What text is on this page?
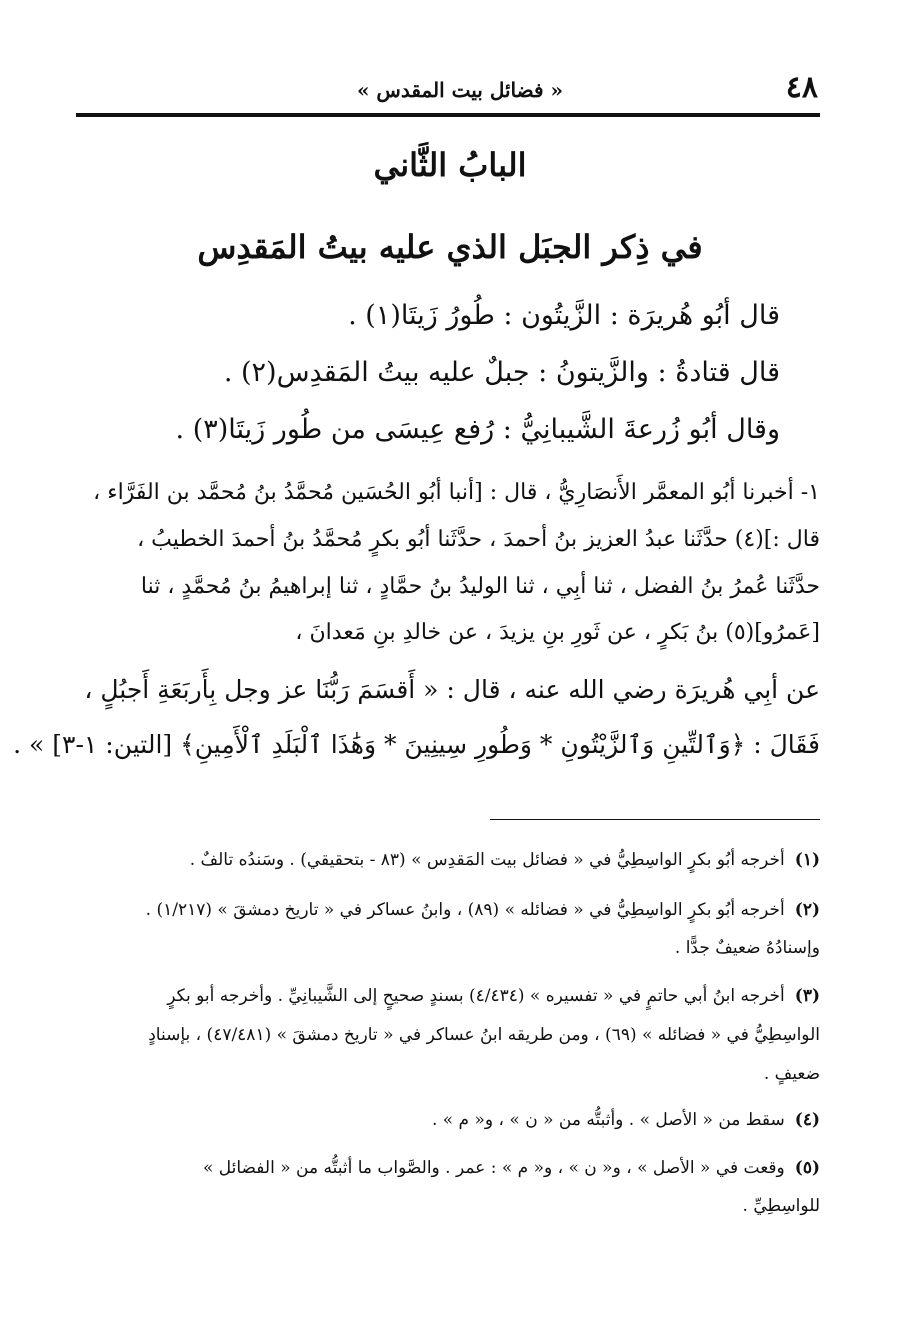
٤٨
« فضائل بيت المقدس »
البابُ الثَّاني
في ذِكر الجبَل الذي عليه بيتُ المَقدِس
قال أبُو هُريرَة : الزَّيتُون : طُورُ زَيتَا(١) .
قال قتادةُ : والزَّيتونُ : جبلٌ عليه بيتُ المَقدِس(٢) .
وقال أبُو زُرعةَ الشَّيبانِيُّ : رُفع عِيسَى من طُور زَيتَا(٣) .
١- أخبرنا أبُو المعمَّر الأَنصَارِيُّ ، قال : [أنبا أبُو الحُسَين مُحمَّدُ بنُ مُحمَّد بن الفَرَّاء ،
قال :](٤) حدَّثَنا عبدُ العزيز بنُ أحمدَ ، حدَّثَنا أبُو بكرٍ مُحمَّدُ بنُ أحمدَ الخطيبُ ،
حدَّثَنا عُمرُ بنُ الفضل ، ثنا أبِي ، ثنا الوليدُ بنُ حمَّادٍ ، ثنا إبراهيمُ بنُ مُحمَّدٍ ، ثنا
[عَمرُو](٥) بنُ بَكرٍ ، عن ثَورِ بنِ يزيدَ ، عن خالدِ بنِ مَعدانَ ،
عن أبِي هُريرَة رضي الله عنه ، قال : « أَقسَمَ رَبُّنَا عز وجل بِأَربَعَةِ أَجبُلٍ ،
فَقَالَ : ﴿وَٱلتِّينِ وَٱلزَّيْتُونِ * وَطُورِ سِينِينَ * وَهَٰذَا ٱلْبَلَدِ ٱلْأَمِينِ﴾ [التين: ١-٣] » .
(١)أخرجه أبُو بكرٍ الواسِطِيُّ في « فضائل بيت المَقدِس » (٨٣ - بتحقيقي) . وسَندُه تالفٌ .
(٢)أخرجه أبُو بكرٍ الواسِطِيُّ في « فضائله » (٨٩) ، وابنُ عساكر في « تاريخ دمشقَ » (١/٢١٧) .
وإسنادُهُ ضعيفٌ جدًّا .
(٣)أخرجه ابنُ أبي حاتمٍ في « تفسيره » (٤/٤٣٤) بسندٍ صحيحٍ إلى الشَّيبانِيِّ . وأخرجه أبو بكرٍ
الواسِطِيُّ في « فضائله » (٦٩) ، ومن طريقه ابنُ عساكر في « تاريخ دمشقَ » (٤٧/٤٨١) ، بإسنادٍ
ضعيفٍ .
(٤)سقط من « الأصل » . وأثبتُّه من « ن » ، و« م » .
(٥)وقعت في « الأصل » ، و« ن » ، و« م » : عمر . والصَّواب ما أثبتُّه من « الفضائل »
للواسِطِيِّ .
